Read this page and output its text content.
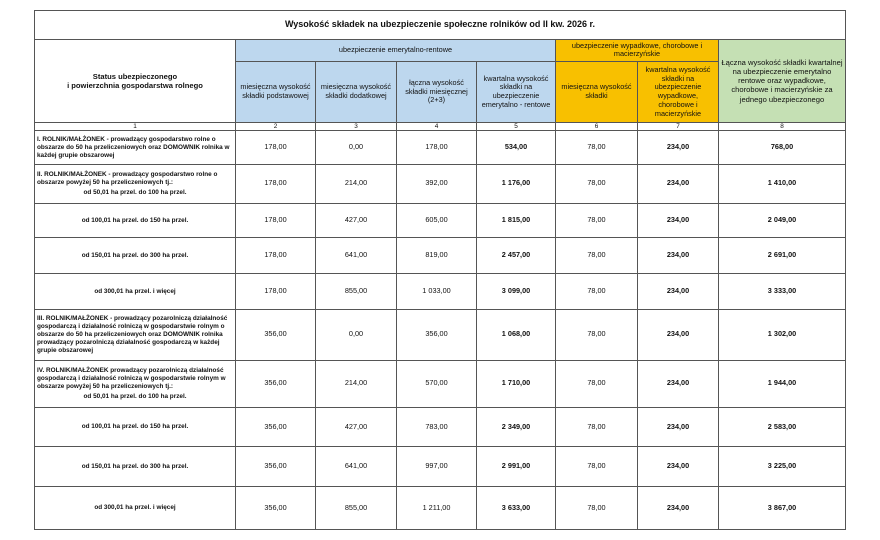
Wysokość składek na ubezpieczenie społeczne rolników od II kw. 2026 r.							
Status ubezpieczonego
i powierzchnia gospodarstwa rolnego	ubezpieczenie emerytalno-rentowe				ubezpieczenie wypadkowe, chorobowe i macierzyńskie		Łączna wysokość składki kwartalnej na ubezpieczenie emerytalno rentowe oraz wypadkowe, chorobowe i macierzyńskie za jednego ubezpieczonego
	miesięczna wysokość składki podstawowej	miesięczna wysokość składki dodatkowej	łączna wysokość składki miesięcznej (2+3)	kwartalna wysokość składki na ubezpieczenie emerytalno - rentowe	miesięczna wysokość składki	kwartalna wysokość składki na ubezpieczenie wypadkowe, chorobowe i macierzyńskie	
1	2	3	4	5	6	7	8

I. ROLNIK/MAŁŻONEK - prowadzący gospodarstwo rolne o obszarze do 50 ha przeliczeniowych oraz DOMOWNIK rolnika w każdej grupie obszarowej	178,00	0,00	178,00	534,00	78,00	234,00	768,00

II. ROLNIK/MAŁŻONEK - prowadzący gospodarstwo rolne o obszarze powyżej 50 ha przeliczeniowych tj.:
od 50,01 ha przel. do 100 ha przel.	178,00	214,00	392,00	1 176,00	78,00	234,00	1 410,00
od 100,01 ha przel. do 150 ha przel.	178,00	427,00	605,00	1 815,00	78,00	234,00	2 049,00
od 150,01 ha przel. do 300 ha przel.	178,00	641,00	819,00	2 457,00	78,00	234,00	2 691,00
od 300,01 ha przel. i więcej	178,00	855,00	1 033,00	3 099,00	78,00	234,00	3 333,00

III. ROLNIK/MAŁŻONEK - prowadzący pozarolniczą działalność gospodarczą i działalność rolniczą w gospodarstwie rolnym o obszarze do 50 ha przeliczeniowych oraz DOMOWNIK rolnika prowadzący pozarolniczą działalność gospodarczą w każdej grupie obszarowej	356,00	0,00	356,00	1 068,00	78,00	234,00	1 302,00

IV. ROLNIK/MAŁŻONEK prowadzący pozarolniczą działalność gospodarczą i działalność rolniczą w gospodarstwie rolnym w obszarze powyżej 50 ha przeliczeniowych tj.:
od 50,01 ha przel. do 100 ha przel.	356,00	214,00	570,00	1 710,00	78,00	234,00	1 944,00
od 100,01 ha przel. do 150 ha przel.	356,00	427,00	783,00	2 349,00	78,00	234,00	2 583,00
od 150,01 ha przel. do 300 ha przel.	356,00	641,00	997,00	2 991,00	78,00	234,00	3 225,00
od 300,01 ha przel. i więcej	356,00	855,00	1 211,00	3 633,00	78,00	234,00	3 867,00
